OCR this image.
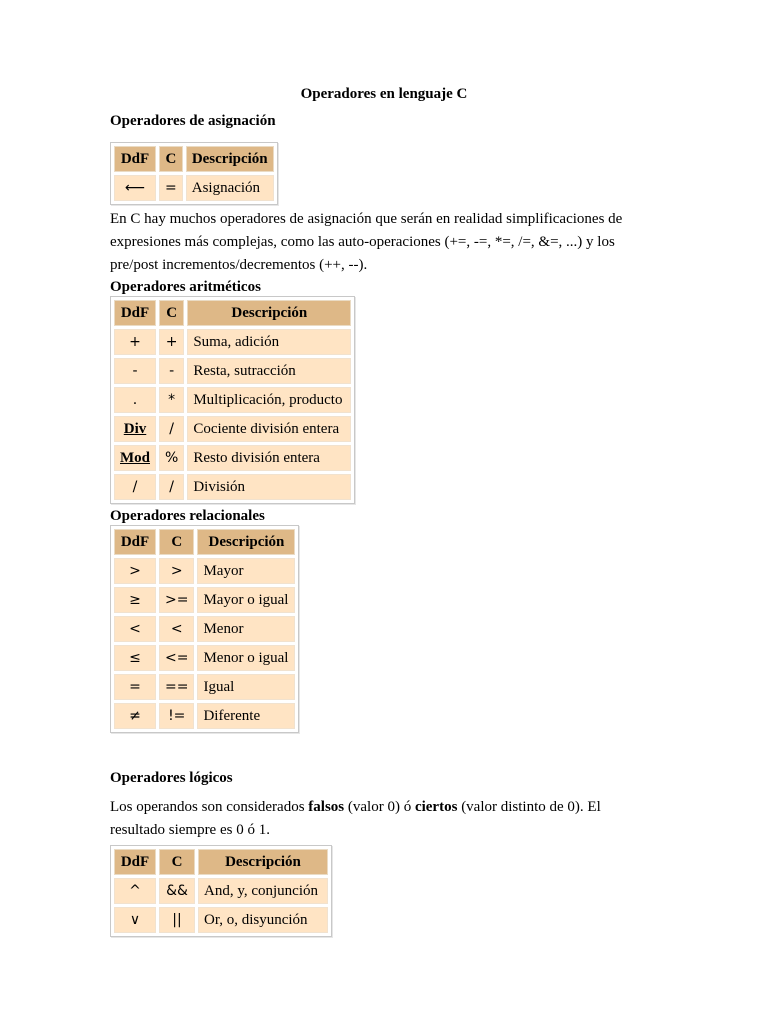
Operadores en lenguaje C
Operadores de asignación
DdF	C	Descripción
⟵	=	Asignación
En C hay muchos operadores de asignación que serán en realidad simplificaciones de expresiones más complejas, como las auto-operaciones (+=, -=, *=, /=, &=, ...) y los pre/post incrementos/decrementos (++, --).
Operadores aritméticos
DdF	C	Descripción
+	+	Suma, adición
-	-	Resta, sutracción
.	*	Multiplicación, producto
Div	/	Cociente división entera
Mod	%	Resto división entera
/	/	División
Operadores relacionales
DdF	C	Descripción
>	>	Mayor
≥	>=	Mayor o igual
<	<	Menor
≤	<=	Menor o igual
=	==	Igual
≠	!=	Diferente
Operadores lógicos
Los operandos son considerados falsos (valor 0) ó ciertos (valor distinto de 0). El resultado siempre es 0 ó 1.
DdF	C	Descripción
^	&&	And, y, conjunción
∨	||	Or, o, disyunción
